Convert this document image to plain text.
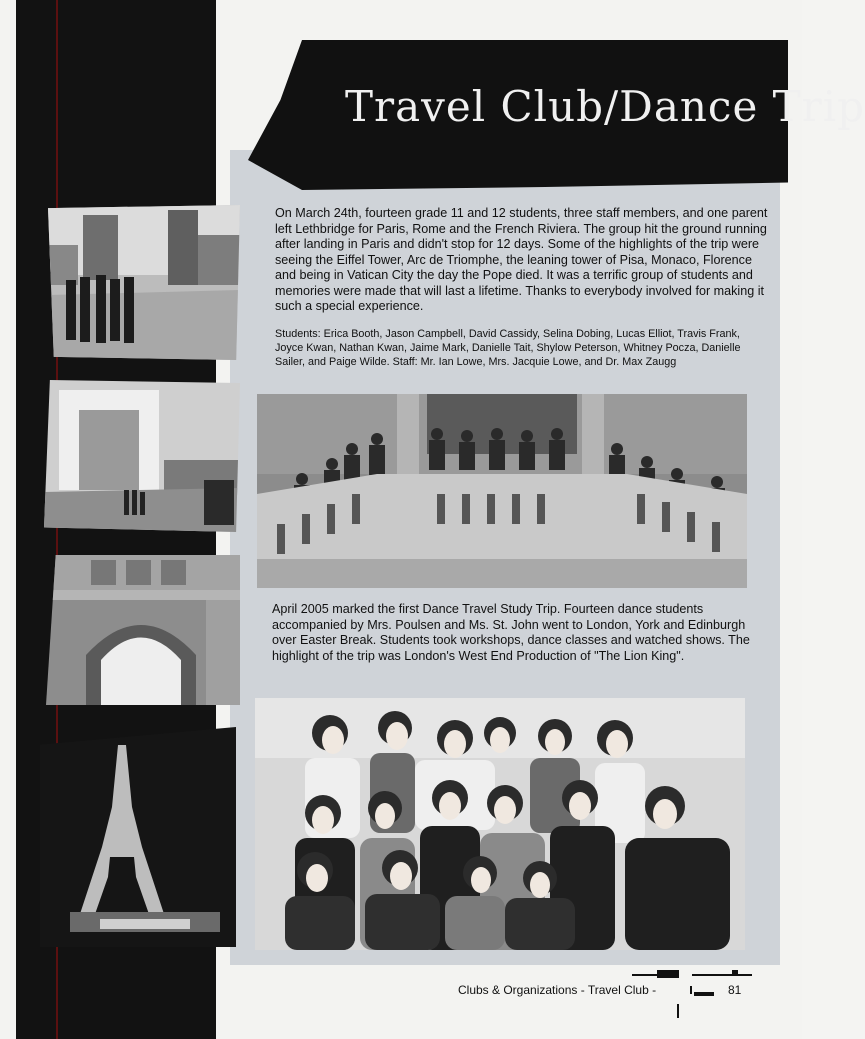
Travel Club/Dance Trip
On March 24th, fourteen grade 11 and 12 students, three staff members, and one parent left Lethbridge for Paris, Rome and the French Riviera. The group hit the ground running after landing in Paris and didn't stop for 12 days. Some of the highlights of the trip were seeing the Eiffel Tower, Arc de Triomphe, the leaning tower of Pisa, Monaco, Florence and being in Vatican City the day the Pope died. It was a terrific group of students and memories were made that will last a lifetime. Thanks to everybody involved for making it such a special experience.
Students: Erica Booth, Jason Campbell, David Cassidy, Selina Dobing, Lucas Elliot, Travis Frank, Joyce Kwan, Nathan Kwan, Jaime Mark, Danielle Tait, Shylow Peterson, Whitney Pocza, Danielle Sailer, and Paige Wilde. Staff: Mr. Ian Lowe, Mrs. Jacquie Lowe, and Dr. Max Zaugg
April 2005 marked the first Dance Travel Study Trip. Fourteen dance students accompanied by Mrs. Poulsen and Ms. St. John went to London, York and Edinburgh over Easter Break. Students took workshops, dance classes and watched shows. The highlight of the trip was London's West End Production of "The Lion King".
Clubs & Organizations - Travel Club -	81
